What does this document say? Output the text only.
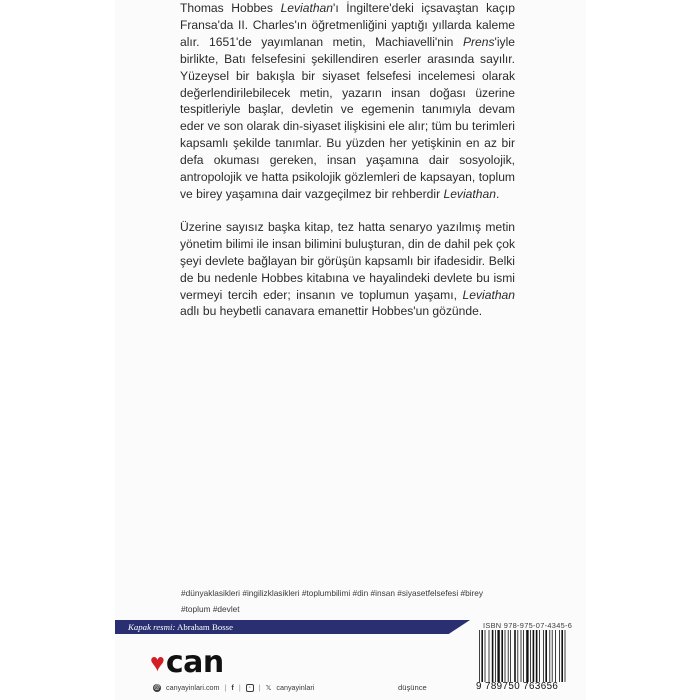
Thomas Hobbes Leviathan'ı İngiltere'deki içsavaştan kaçıp Fransa'da II. Charles'ın öğretmenliğini yaptığı yıllarda kaleme alır. 1651'de yayımlanan metin, Machiavelli'nin Prens'iyle birlikte, Batı felsefesini şekillendiren eserler arasında sayılır. Yüzeysel bir bakışla bir siyaset felsefesi incelemesi olarak değerlendirilebilecek metin, yazarın insan doğası üzerine tespitleriyle başlar, devletin ve egemenin tanımıyla devam eder ve son olarak din-siyaset ilişkisini ele alır; tüm bu terimleri kapsamlı şekilde tanımlar. Bu yüzden her yetişkinin en az bir defa okuması gereken, insan yaşamına dair sosyolojik, antropolojik ve hatta psikolojik gözlemleri de kapsayan, toplum ve birey yaşamına dair vazgeçilmez bir rehberdir Leviathan.

Üzerine sayısız başka kitap, tez hatta senaryo yazılmış metin yönetim bilimi ile insan bilimini buluşturan, din de dahil pek çok şeyi devlete bağlayan bir görüşün kapsamlı bir ifadesidir. Belki de bu nedenle Hobbes kitabına ve hayalindeki devlete bu ismi vermeyi tercih eder; insanın ve toplumun yaşamı, Leviathan adlı bu heybetli canavara emanettir Hobbes'un gözünde.

#dünyaklasikleri #ingilizklasikleri #toplumbilimi #din #insan #siyasetfelsefesi #birey
#toplum #devlet
Kapak resmi: Abraham Bosse	ISBN 978-975-07-4345-6
♥ can
@ canyayinlari.com | f |	◦	| 𝕏 canyayinlari	düşünce	9 789750 763656
